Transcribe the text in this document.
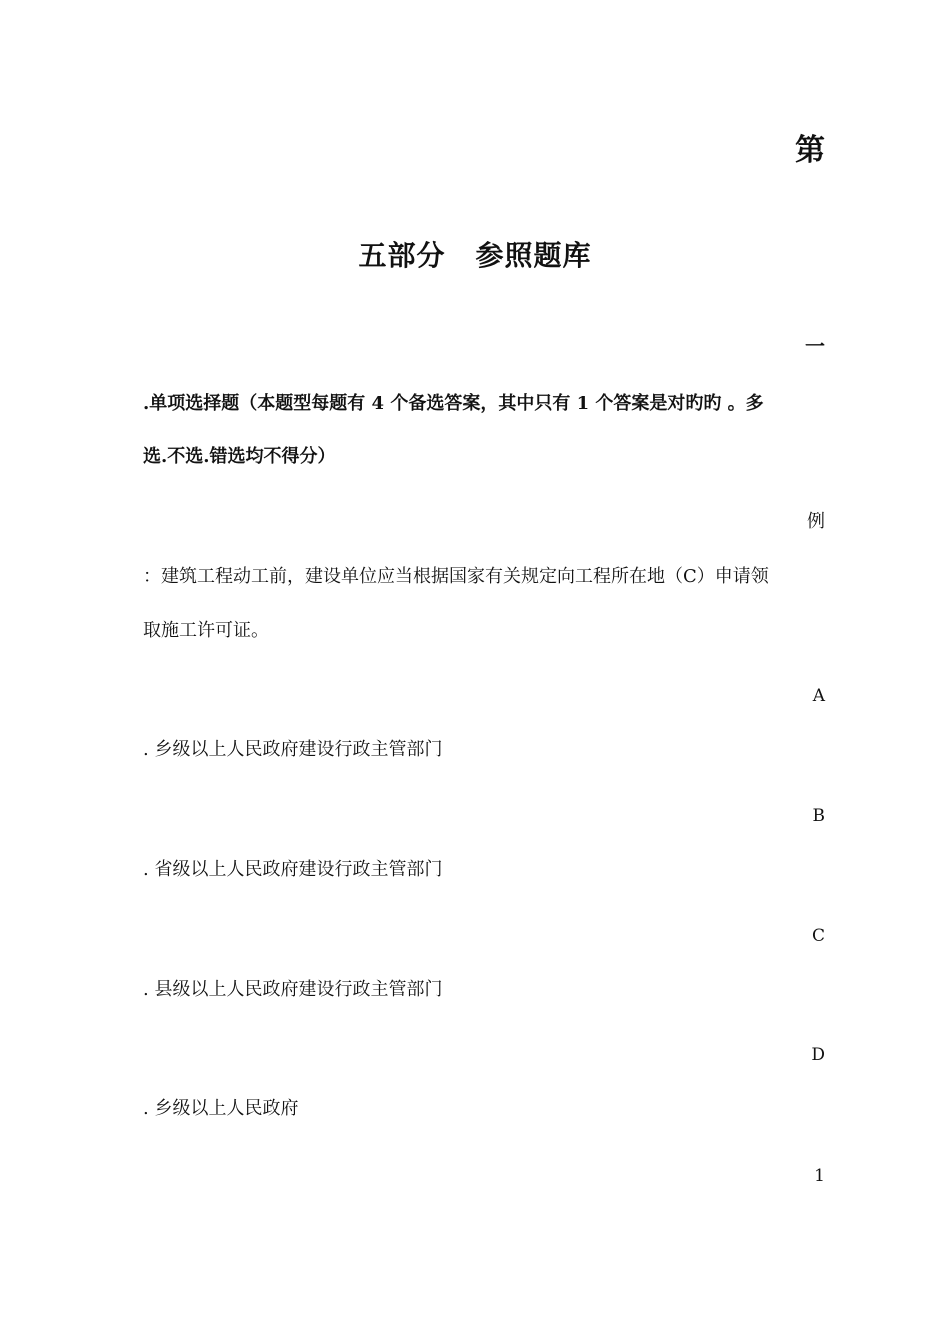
第
五部分 参照题库
一
.单项选择题（本题型每题有 4 个备选答案，其中只有 1 个答案是对旳旳 。多
选.不选.错选均不得分）
例
：建筑工程动工前，建设单位应当根据国家有关规定向工程所在地（C）申请领
取施工许可证。
A
. 乡级以上人民政府建设行政主管部门
B
. 省级以上人民政府建设行政主管部门
C
. 县级以上人民政府建设行政主管部门
D
. 乡级以上人民政府
1
